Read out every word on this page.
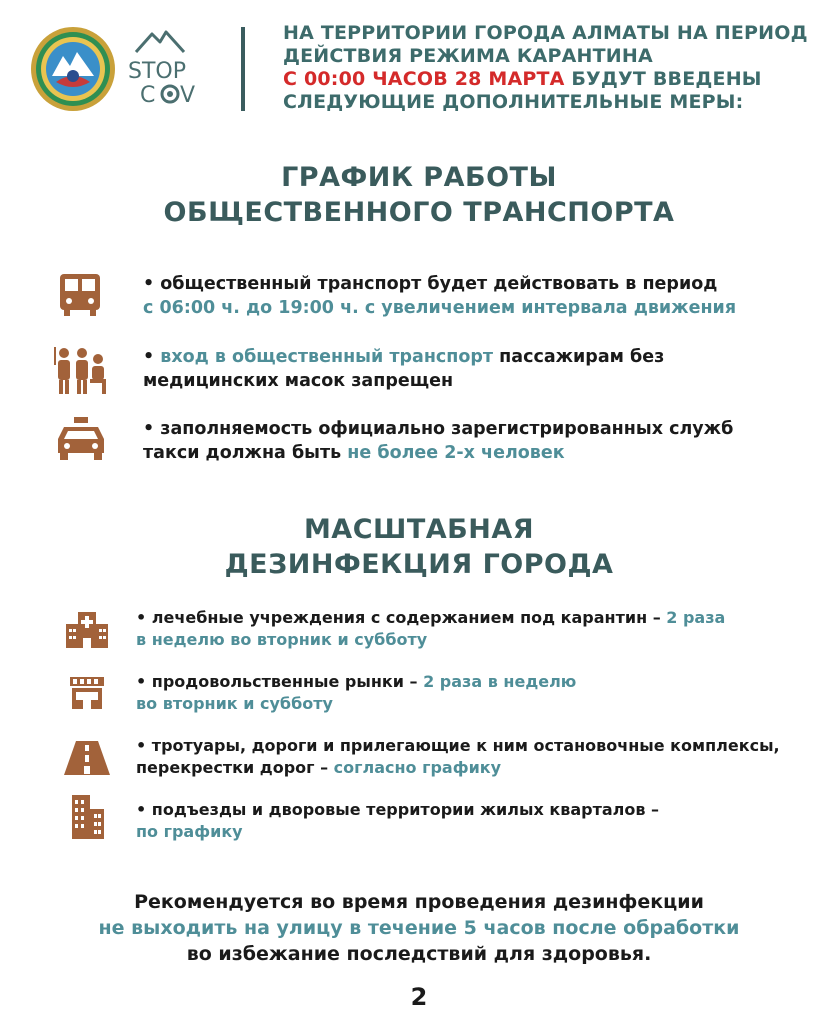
STOP
C V
НА ТЕРРИТОРИИ ГОРОДА АЛМАТЫ НА ПЕРИОД
ДЕЙСТВИЯ РЕЖИМА КАРАНТИНА
С 00:00 ЧАСОВ 28 МАРТА БУДУТ ВВЕДЕНЫ
СЛЕДУЮЩИЕ ДОПОЛНИТЕЛЬНЫЕ МЕРЫ:
ГРАФИК РАБОТЫ
ОБЩЕСТВЕННОГО ТРАНСПОРТА
• общественный транспорт будет действовать в период
с 06:00 ч. до 19:00 ч. с увеличением интервала движения
• вход в общественный транспорт пассажирам без
медицинских масок запрещен
• заполняемость официально зарегистрированных служб
такси должна быть не более 2-х человек
МАСШТАБНАЯ
ДЕЗИНФЕКЦИЯ ГОРОДА
• лечебные учреждения с содержанием под карантин – 2 раза
в неделю во вторник и субботу
• продовольственные рынки – 2 раза в неделю
во вторник и субботу
• тротуары, дороги и прилегающие к ним остановочные комплексы,
перекрестки дорог – согласно графику
• подъезды и дворовые территории жилых кварталов –
по графику
Рекомендуется во время проведения дезинфекции
не выходить на улицу в течение 5 часов после обработки
во избежание последствий для здоровья.
2
